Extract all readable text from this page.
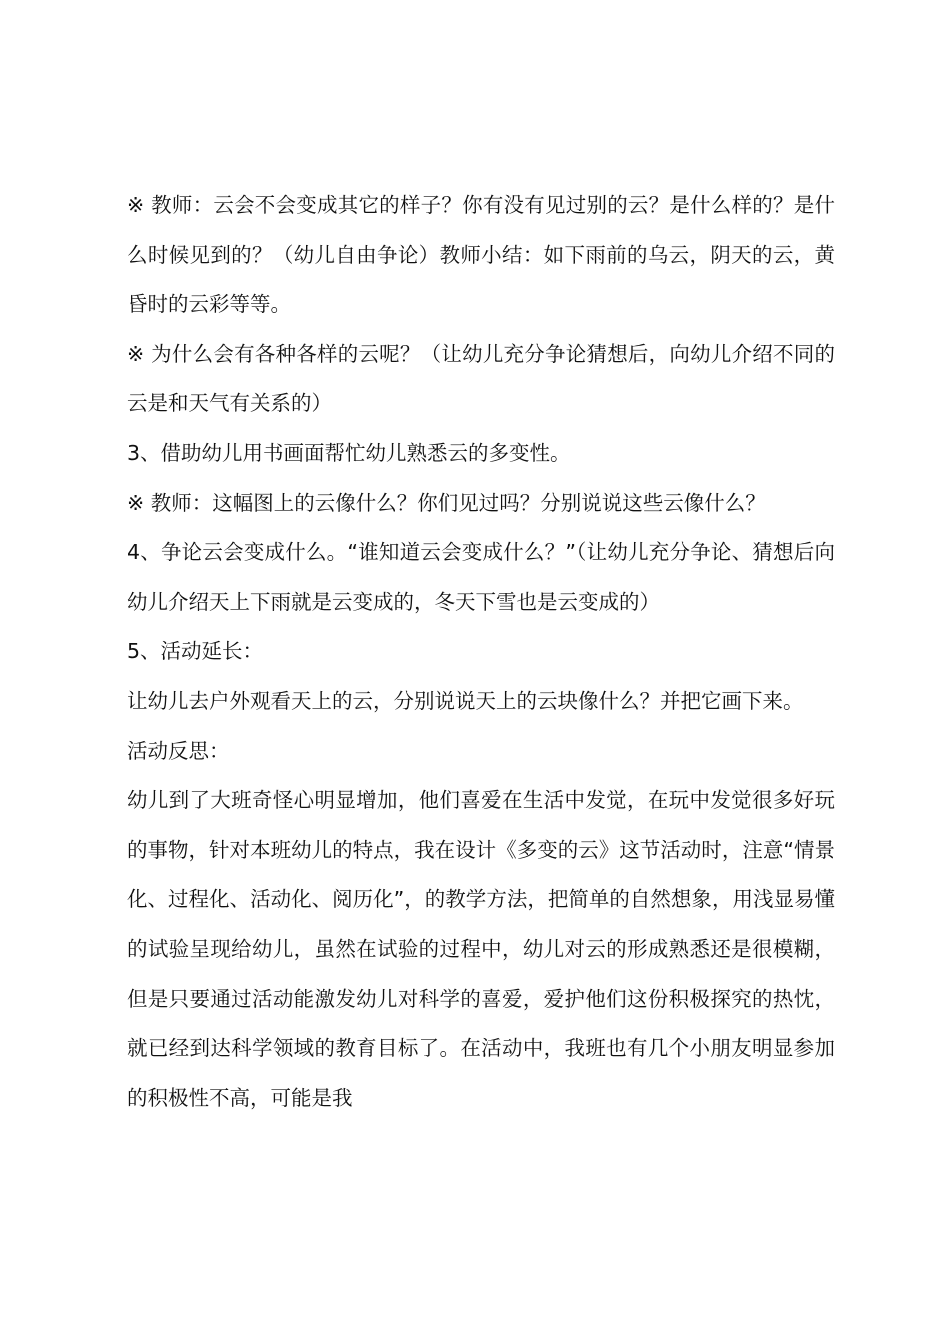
※ 教师：云会不会变成其它的样子？你有没有见过别的云？是什么样的？是什么时候见到的？（幼儿自由争论）教师小结：如下雨前的乌云，阴天的云，黄昏时的云彩等等。

※ 为什么会有各种各样的云呢？（让幼儿充分争论猜想后，向幼儿介绍不同的云是和天气有关系的）

3、借助幼儿用书画面帮忙幼儿熟悉云的多变性。

※ 教师：这幅图上的云像什么？你们见过吗？分别说说这些云像什么？

4、争论云会变成什么。“谁知道云会变成什么？”（让幼儿充分争论、猜想后向幼儿介绍天上下雨就是云变成的，冬天下雪也是云变成的）

5、活动延长：

让幼儿去户外观看天上的云，分别说说天上的云块像什么？并把它画下来。

活动反思：

幼儿到了大班奇怪心明显增加，他们喜爱在生活中发觉，在玩中发觉很多好玩的事物，针对本班幼儿的特点，我在设计《多变的云》这节活动时，注意“情景化、过程化、活动化、阅历化”，的教学方法，把简单的自然想象，用浅显易懂的试验呈现给幼儿，虽然在试验的过程中，幼儿对云的形成熟悉还是很模糊，但是只要通过活动能激发幼儿对科学的喜爱，爱护他们这份积极探究的热忱，就已经到达科学领域的教育目标了。在活动中，我班也有几个小朋友明显参加的积极性不高，可能是我
